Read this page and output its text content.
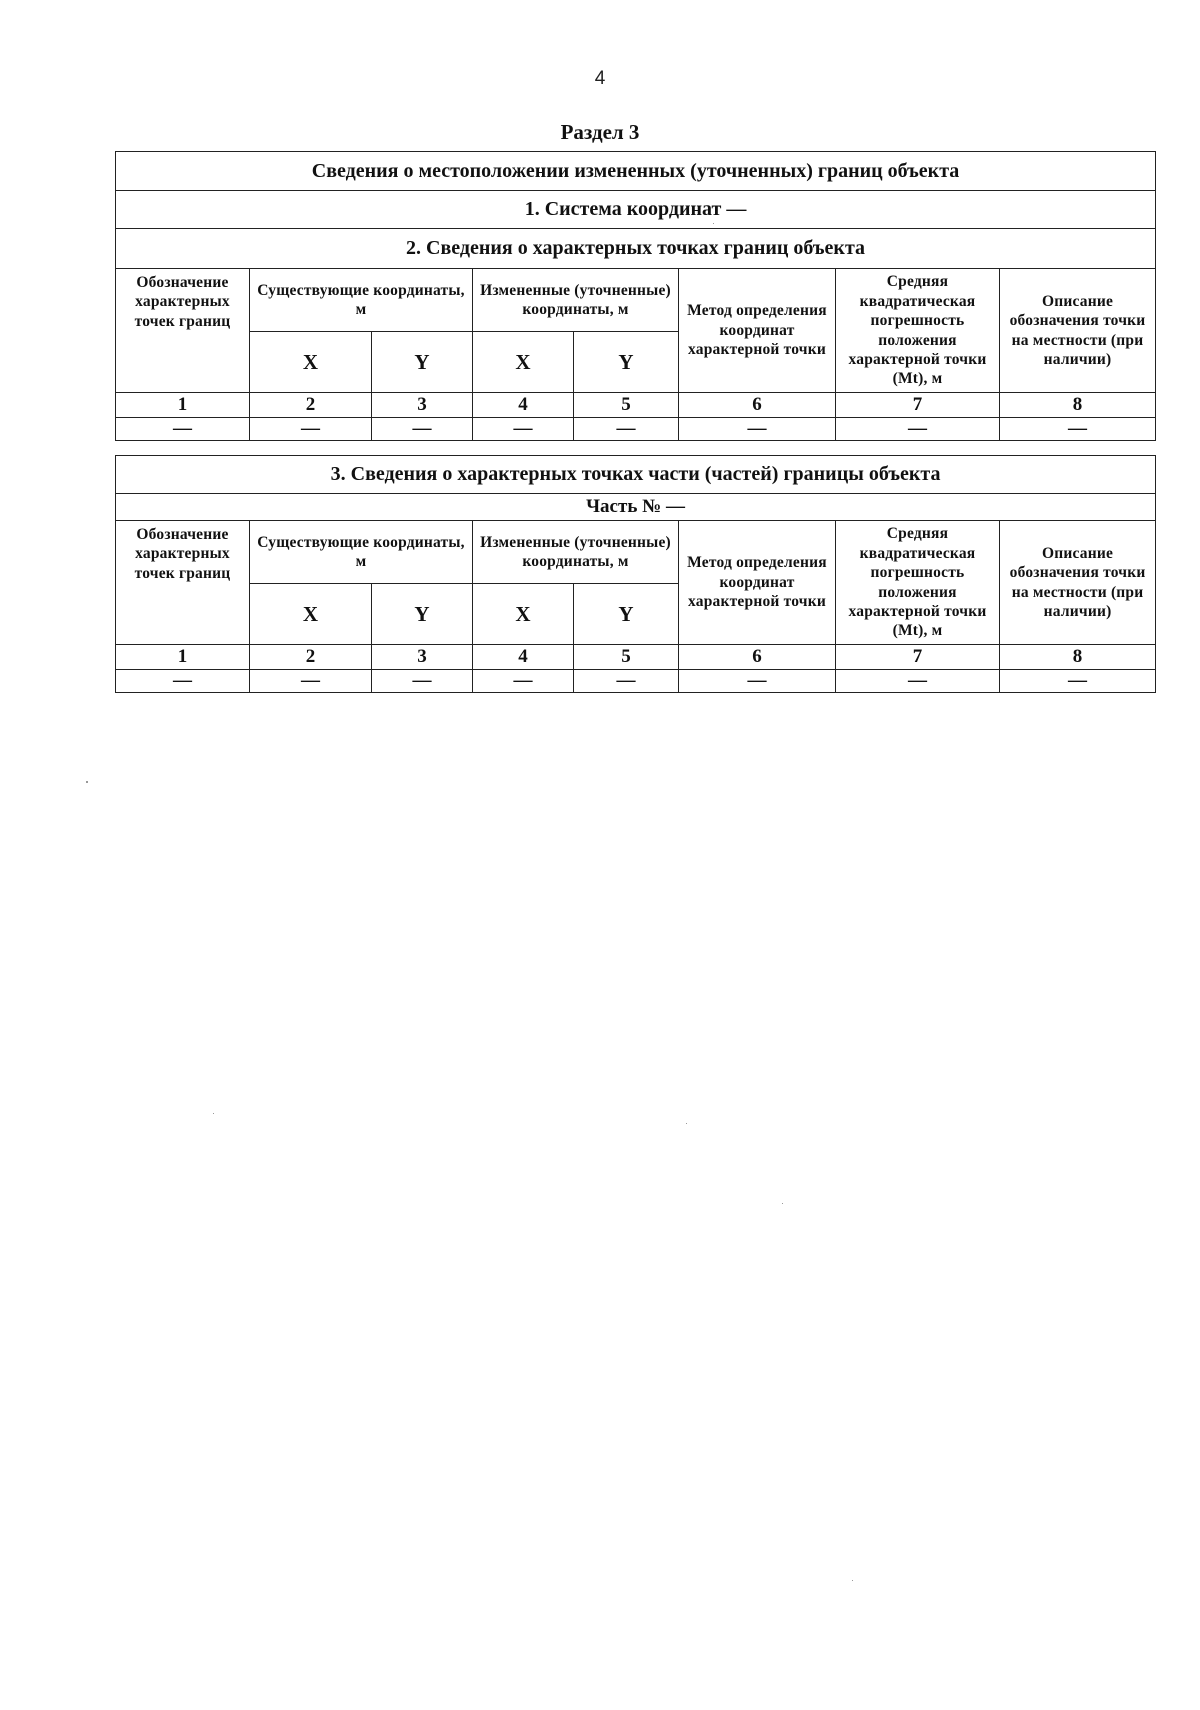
4
Раздел 3
Сведения о местоположении измененных (уточненных) границ объекта							
1. Система координат —							
2. Сведения о характерных точках границ объекта							
Обозначение характерных точек границ	Существующие координаты, м		Измененные (уточненные) координаты, м		Метод определения координат характерной точки	Средняя квадратическая погрешность положения характерной точки (Mt), м	Описание обозначения точки на местности (при наличии)
	X	Y	X	Y			
1	2	3	4	5	6	7	8
—	—	—	—	—	—	—	—
3. Сведения о характерных точках части (частей) границы объекта							
Часть № —							
Обозначение характерных точек границ	Существующие координаты, м		Измененные (уточненные) координаты, м		Метод определения координат характерной точки	Средняя квадратическая погрешность положения характерной точки (Mt), м	Описание обозначения точки на местности (при наличии)
	X	Y	X	Y			
1	2	3	4	5	6	7	8
—	—	—	—	—	—	—	—
